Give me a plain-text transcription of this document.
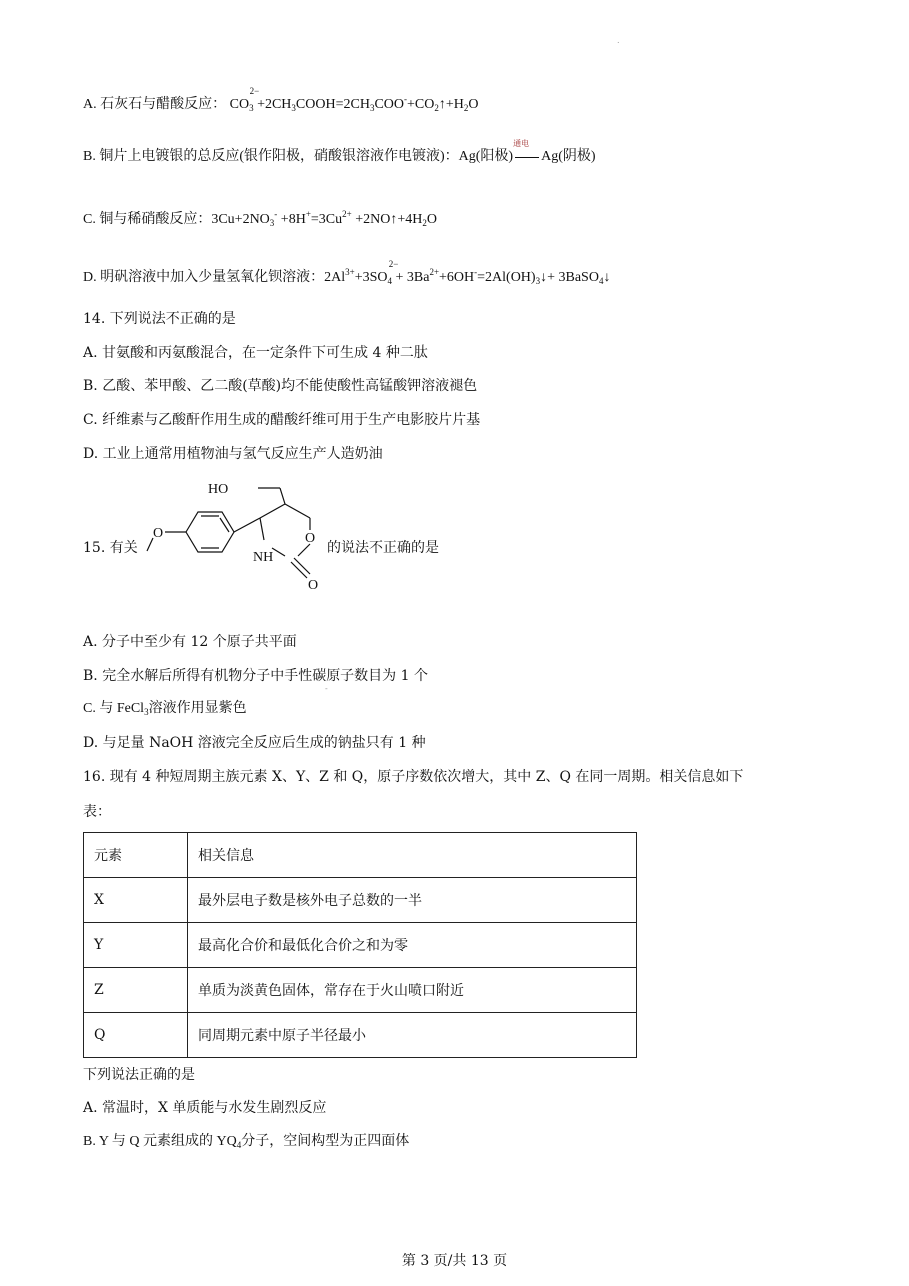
.
A. 石灰石与醋酸反应： $CO_3$
2−
$+2CH_3COOH=2CH_3COO^-+CO_2↑+H_2O$
B. 铜片上电镀银的总反应(银作阳极，硝酸银溶液作电镀液)：Ag(阳极)
通电
Ag(阴极)
C. 铜与稀硝酸反应：$3Cu+2NO_3^- +8H^+=3Cu^{2+}$ $+2NO↑+4H_2O$
D. 明矾溶液中加入少量氢氧化钡溶液：$2Al^{3+}+3SO_4$
2−
+ $3Ba^{2+}+6OH^-=2Al(OH)_3↓+$ 3BaSO$_4$↓
14. 下列说法不正确的是
A. 甘氨酸和丙氨酸混合，在一定条件下可生成 4 种二肽
B. 乙酸、苯甲酸、乙二酸(草酸)均不能使酸性高锰酸钾溶液褪色
C. 纤维素与乙酸酐作用生成的醋酸纤维可用于生产电影胶片片基
D. 工业上通常用植物油与氢气反应生产人造奶油
15. 有关	的说法不正确的是
HO
O	O
NH
O
A. 分子中至少有 12 个原子共平面
B. 完全水解后所得有机物分子中手性碳原子数目为 1 个
-
C. 与 FeCl$_3$溶液作用显紫色
D. 与足量 NaOH 溶液完全反应后生成的钠盐只有 1 种
16. 现有 4 种短周期主族元素 X、Y、Z 和 Q，原子序数依次增大，其中 Z、Q 在同一周期。相关信息如下
表：
元素	相关信息
X	最外层电子数是核外电子总数的一半
Y	最高化合价和最低化合价之和为零
Z	单质为淡黄色固体，常存在于火山喷口附近
Q	同周期元素中原子半径最小
下列说法正确的是
A. 常温时，X 单质能与水发生剧烈反应
B. Y 与 Q 元素组成的 $YQ_4$分子，空间构型为正四面体
第 3 页/共 13 页
